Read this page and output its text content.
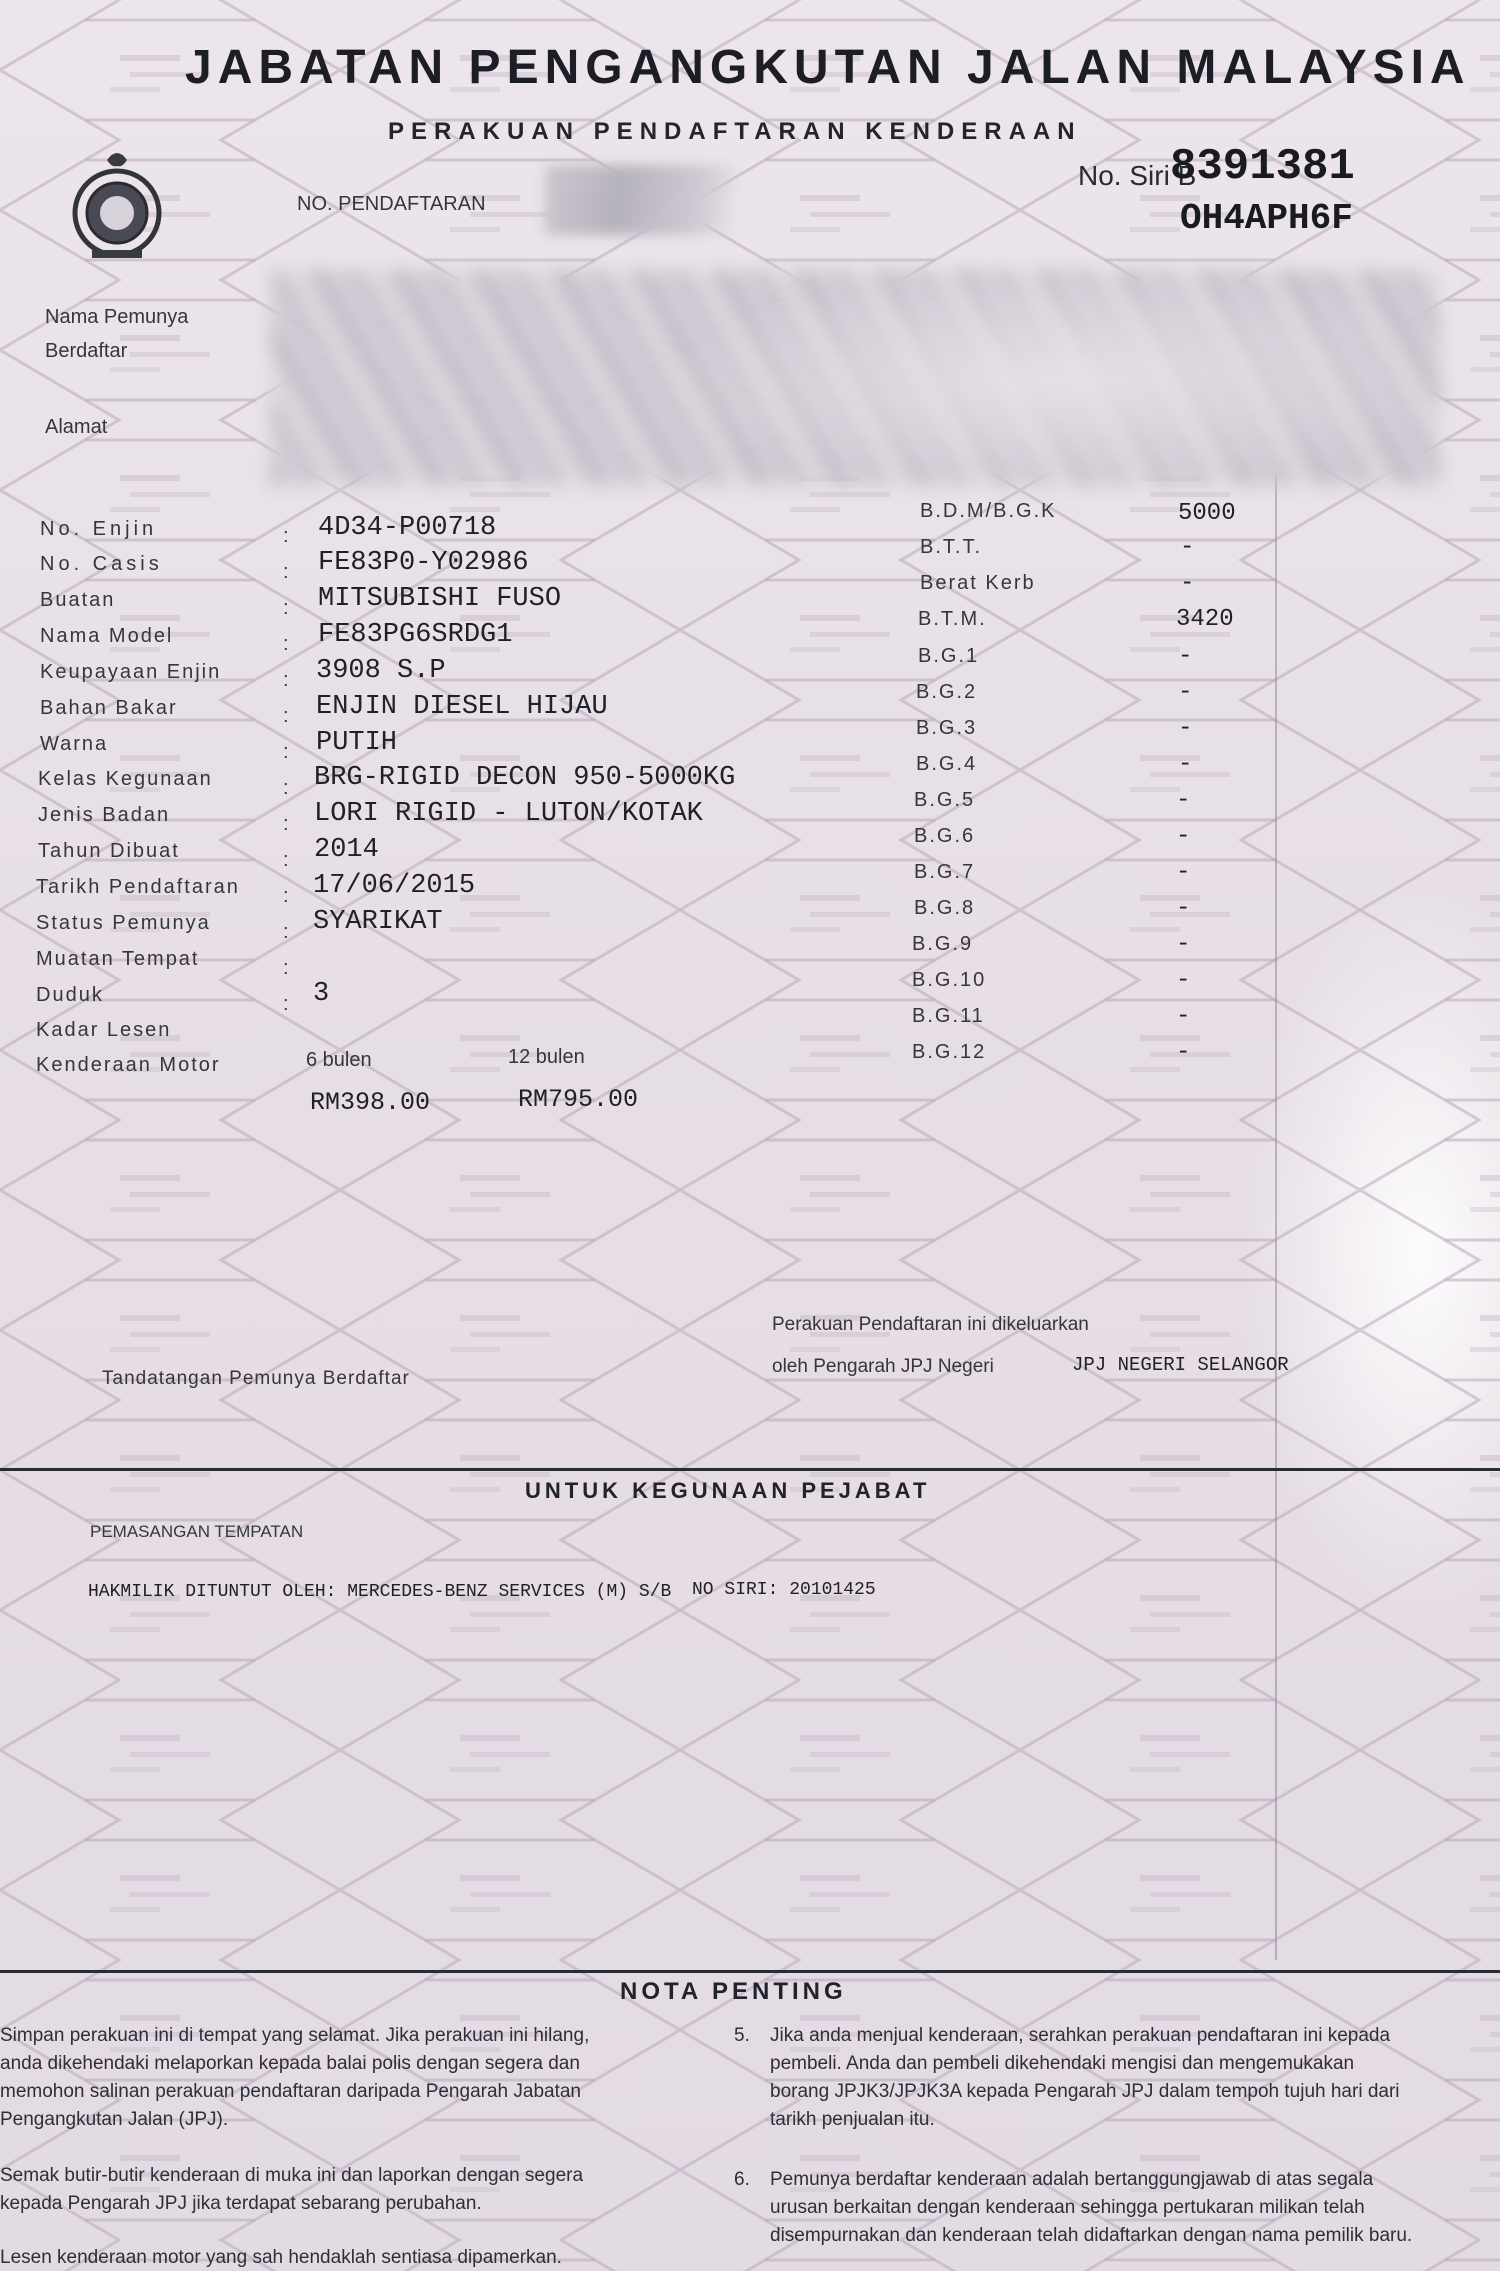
JABATAN PENGANGKUTAN JALAN MALAYSIA
PERAKUAN PENDAFTARAN KENDERAAN
NO. PENDAFTARAN
No. Siri B
8391381
OH4APH6F
Nama Pemunya
Berdaftar
Alamat
No. Enjin	4D34-P00718
No. Casis	FE83P0-Y02986
Buatan	MITSUBISHI FUSO
Nama Model	FE83PG6SRDG1
Keupayaan Enjin	3908 S.P
Bahan Bakar	ENJIN DIESEL HIJAU
Warna	PUTIH
Kelas Kegunaan	BRG-RIGID DECON 950-5000KG
Jenis Badan	LORI RIGID - LUTON/KOTAK
Tahun Dibuat	2014
Tarikh Pendaftaran	17/06/2015
Status Pemunya	SYARIKAT
Muatan Tempat
Duduk	3
:
:
:
:
:
:
:
:
:
:
:
:
:
:
Kadar Lesen
Kenderaan Motor	6 bulen	12 bulen
RM398.00	RM795.00
B.D.M/B.G.K	5000
B.T.T.	-
Berat Kerb	-
B.T.M.	3420
B.G.1	-
B.G.2	-
B.G.3	-
B.G.4	-
B.G.5	-
B.G.6	-
B.G.7	-
B.G.8	-
B.G.9	-
B.G.10	-
B.G.11	-
B.G.12	-
Perakuan Pendaftaran ini dikeluarkan
oleh Pengarah JPJ Negeri	JPJ NEGERI SELANGOR
Tandatangan Pemunya Berdaftar
UNTUK KEGUNAAN PEJABAT
PEMASANGAN TEMPATAN
HAKMILIK DITUNTUT OLEH: MERCEDES-BENZ SERVICES (M) S/B NO SIRI: 20101425
NOTA PENTING
Simpan perakuan ini di tempat yang selamat. Jika perakuan ini hilang,
anda dikehendaki melaporkan kepada balai polis dengan segera dan
memohon salinan perakuan pendaftaran daripada Pengarah Jabatan
Pengangkutan Jalan (JPJ).
Semak butir-butir kenderaan di muka ini dan laporkan dengan segera
kepada Pengarah JPJ jika terdapat sebarang perubahan.
Lesen kenderaan motor yang sah hendaklah sentiasa dipamerkan.
5. Jika anda menjual kenderaan, serahkan perakuan pendaftaran ini kepada
pembeli. Anda dan pembeli dikehendaki mengisi dan mengemukakan
borang JPJK3/JPJK3A kepada Pengarah JPJ dalam tempoh tujuh hari dari
tarikh penjualan itu.
6. Pemunya berdaftar kenderaan adalah bertanggungjawab di atas segala
urusan berkaitan dengan kenderaan sehingga pertukaran milikan telah
disempurnakan dan kenderaan telah didaftarkan dengan nama pemilik baru.
